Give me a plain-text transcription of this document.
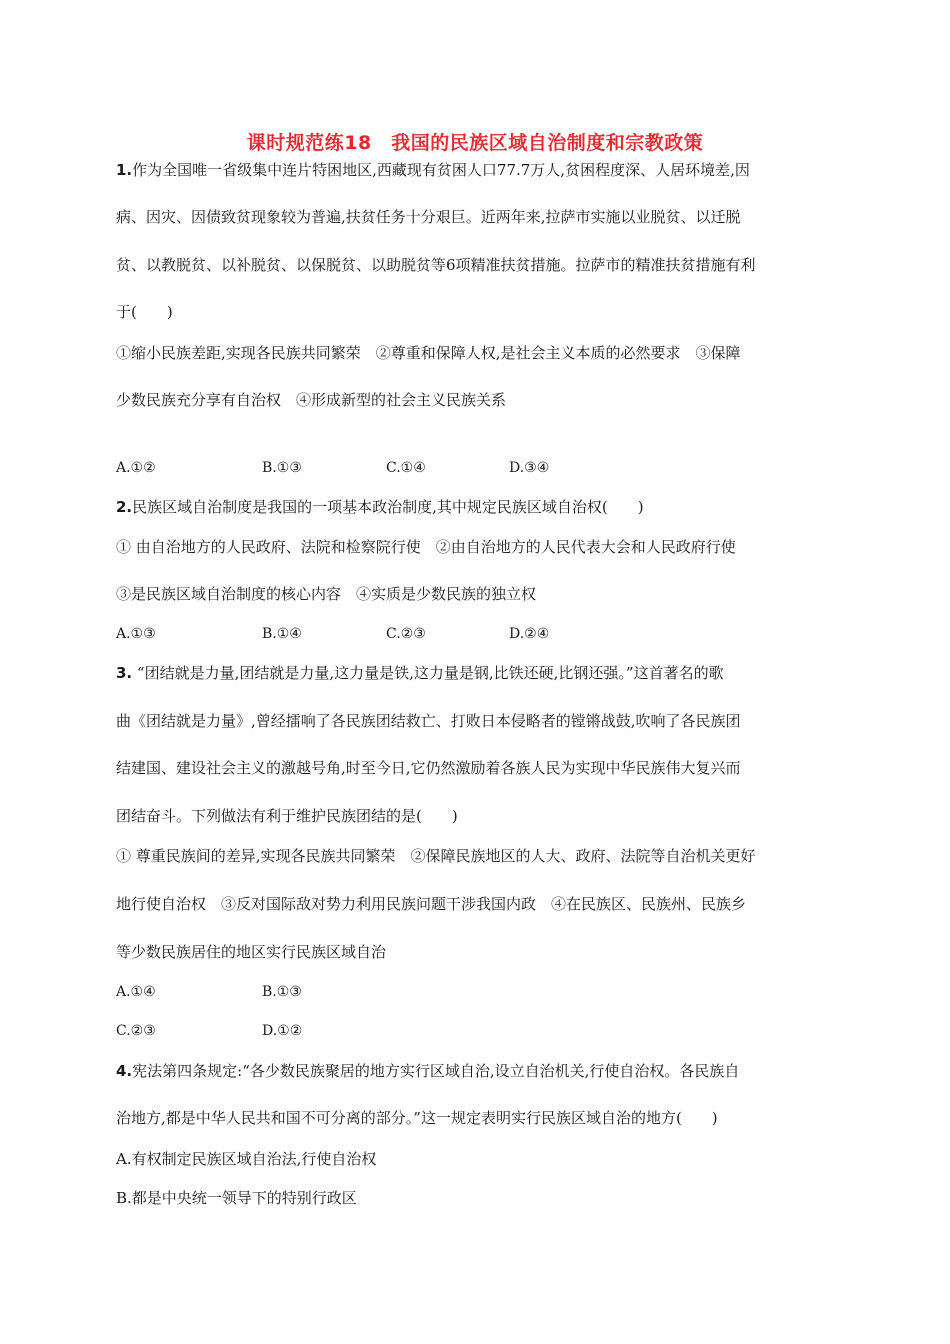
课时规范练18　我国的民族区域自治制度和宗教政策
1.作为全国唯一省级集中连片特困地区,西藏现有贫困人口77.7万人,贫困程度深、人居环境差,因
病、因灾、因债致贫现象较为普遍,扶贫任务十分艰巨。近两年来,拉萨市实施以业脱贫、以迁脱
贫、以教脱贫、以补脱贫、以保脱贫、以助脱贫等6项精准扶贫措施。拉萨市的精准扶贫措施有利
于(　　)
①缩小民族差距,实现各民族共同繁荣　②尊重和保障人权,是社会主义本质的必然要求　③保障
少数民族充分享有自治权　④形成新型的社会主义民族关系
A.①②	B.①③	C.①④	D.③④
2.民族区域自治制度是我国的一项基本政治制度,其中规定民族区域自治权(　　)
① 由自治地方的人民政府、法院和检察院行使　②由自治地方的人民代表大会和人民政府行使
③是民族区域自治制度的核心内容　④实质是少数民族的独立权
A.①③	B.①④	C.②③	D.②④
3. “团结就是力量,团结就是力量,这力量是铁,这力量是钢,比铁还硬,比钢还强。”这首著名的歌
曲《团结就是力量》,曾经擂响了各民族团结救亡、打败日本侵略者的镗锵战鼓,吹响了各民族团
结建国、建设社会主义的激越号角,时至今日,它仍然激励着各族人民为实现中华民族伟大复兴而
团结奋斗。下列做法有利于维护民族团结的是(　　)
① 尊重民族间的差异,实现各民族共同繁荣　②保障民族地区的人大、政府、法院等自治机关更好
地行使自治权　③反对国际敌对势力利用民族问题干涉我国内政　④在民族区、民族州、民族乡
等少数民族居住的地区实行民族区域自治
A.①④	B.①③
C.②③	D.①②
4.宪法第四条规定:“各少数民族聚居的地方实行区域自治,设立自治机关,行使自治权。各民族自
治地方,都是中华人民共和国不可分离的部分。”这一规定表明实行民族区域自治的地方(　　)
A.有权制定民族区域自治法,行使自治权
B.都是中央统一领导下的特别行政区
